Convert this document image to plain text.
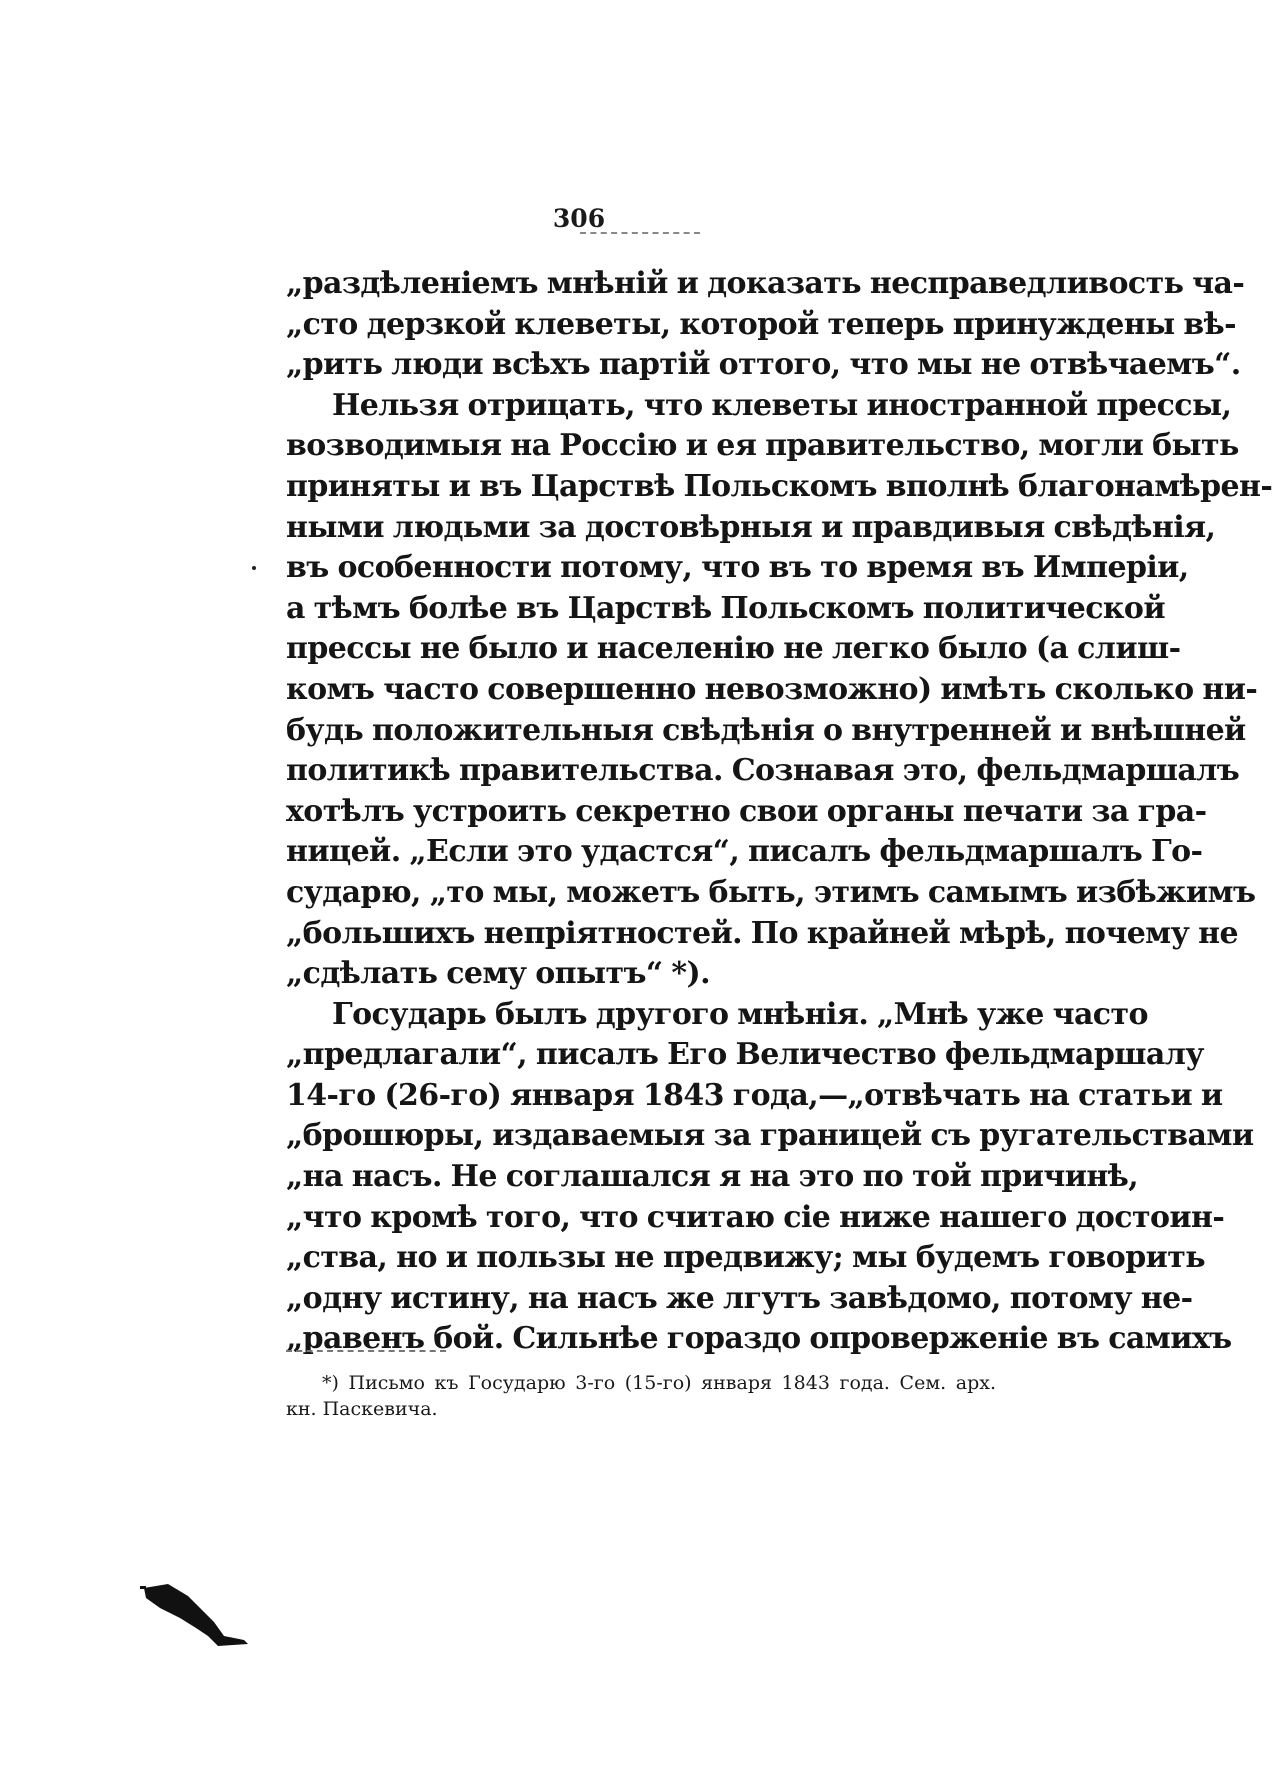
306
„раздѣленіемъ мнѣній и доказать несправедливость ча-
„сто дерзкой клеветы, которой теперь принуждены вѣ-
„рить люди всѣхъ партій оттого, что мы не отвѣчаемъ“.
Нельзя отрицать, что клеветы иностранной прессы,
возводимыя на Россію и ея правительство, могли быть
приняты и въ Царствѣ Польскомъ вполнѣ благонамѣрен-
ными людьми за достовѣрныя и правдивыя свѣдѣнія,
въ особенности потому, что въ то время въ Имперіи,
а тѣмъ болѣе въ Царствѣ Польскомъ политической
прессы не было и населенію не легко было (а слиш-
комъ часто совершенно невозможно) имѣть сколько ни-
будь положительныя свѣдѣнія о внутренней и внѣшней
политикѣ правительства. Сознавая это, фельдмаршалъ
хотѣлъ устроить секретно свои органы печати за гра-
ницей. „Если это удастся“, писалъ фельдмаршалъ Го-
сударю, „то мы, можетъ быть, этимъ самымъ избѣжимъ
„большихъ непріятностей. По крайней мѣрѣ, почему не
„сдѣлать сему опытъ“ *).
Государь былъ другого мнѣнія. „Мнѣ уже часто
„предлагали“, писалъ Его Величество фельдмаршалу
14-го (26-го) января 1843 года,—„отвѣчать на статьи и
„брошюры, издаваемыя за границей съ ругательствами
„на насъ. Не соглашался я на это по той причинѣ,
„что кромѣ того, что считаю сіе ниже нашего достоин-
„ства, но и пользы не предвижу; мы будемъ говорить
„одну истину, на насъ же лгутъ завѣдомо, потому не-
„равенъ бой. Сильнѣе гораздо опроверженіе въ самихъ
*) Письмо къ Государю 3-го (15-го) января 1843 года. Сем. арх.
кн. Паскевича.
